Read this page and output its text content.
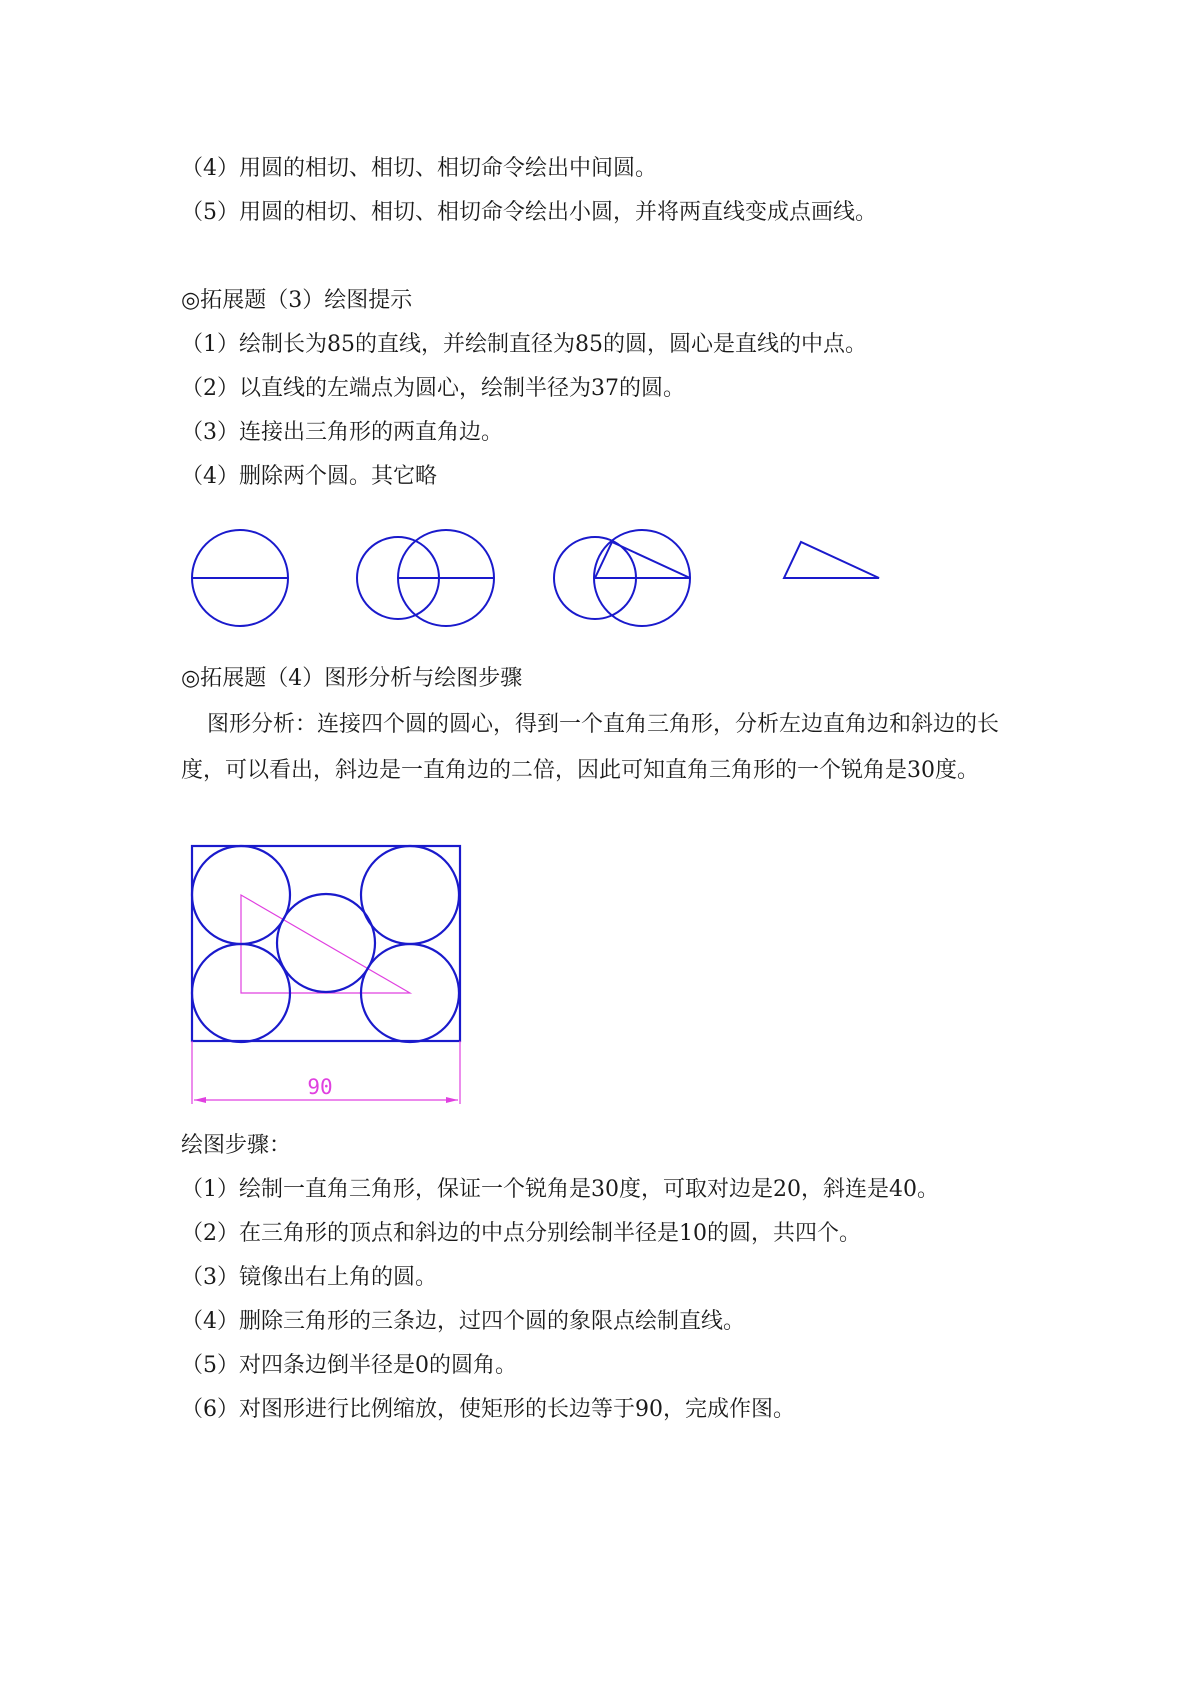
（4）用圆的相切、相切、相切命令绘出中间圆。
（5）用圆的相切、相切、相切命令绘出小圆，并将两直线变成点画线。
◎拓展题（3）绘图提示
（1）绘制长为85的直线，并绘制直径为85的圆，圆心是直线的中点。
（2）以直线的左端点为圆心，绘制半径为37的圆。
（3）连接出三角形的两直角边。
（4）删除两个圆。其它略
90
◎拓展题（4）图形分析与绘图步骤
图形分析：连接四个圆的圆心，得到一个直角三角形，分析左边直角边和斜边的长度，可以看出，斜边是一直角边的二倍，因此可知直角三角形的一个锐角是30度。
绘图步骤：
（1）绘制一直角三角形，保证一个锐角是30度，可取对边是20，斜连是40。
（2）在三角形的顶点和斜边的中点分别绘制半径是10的圆，共四个。
（3）镜像出右上角的圆。
（4）删除三角形的三条边，过四个圆的象限点绘制直线。
（5）对四条边倒半径是0的圆角。
（6）对图形进行比例缩放，使矩形的长边等于90，完成作图。
